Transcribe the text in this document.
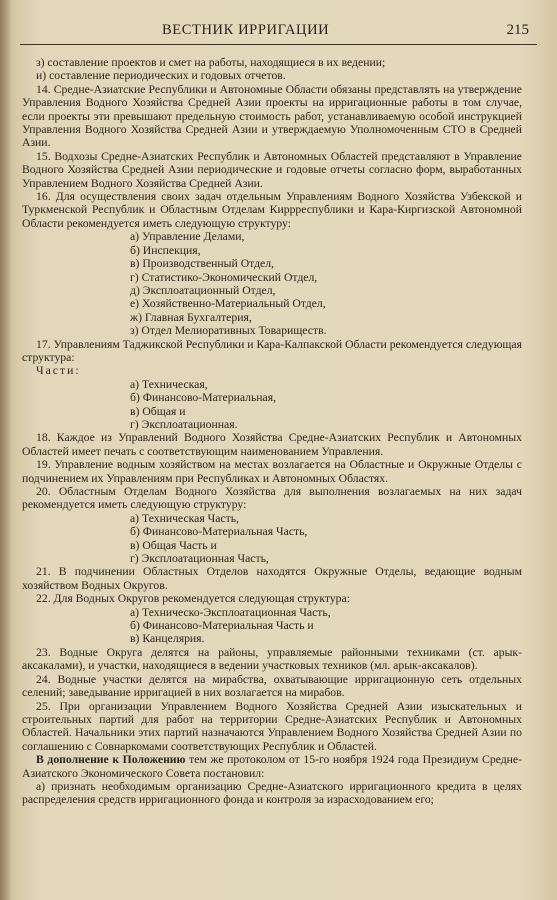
ВЕСТНИК ИРРИГАЦИИ	215

з) составление проектов и смет на работы, находящиеся в их ведении;

и) составление периодических и годовых отчетов.

14. Средне-Азиатские Республики и Автономные Области обязаны представлять на утверждение Управления Водного Хозяйства Средней Азии проекты на ирригационные работы в том случае, если проекты эти превышают предельную стоимость работ, устанавливаемую особой инструкцией Управления Водного Хозяйства Средней Азии и утверждаемую Уполномоченным СТО в Средней Азии.

15. Водхозы Средне-Азиатских Республик и Автономных Областей представляют в Управление Водного Хозяйства Средней Азии периодические и годовые отчеты согласно форм, выработанных Управлением Водного Хозяйства Средней Азии.

16. Для осуществления своих задач отдельным Управлениям Водного Хозяйства Узбекской и Туркменской Республик и Областным Отделам Киррреспублики и Кара-Киргизской Автономной Области рекомендуется иметь следующую структуру:

а) Управление Делами,

б) Инспекция,

в) Производственный Отдел,

г) Статистико-Экономический Отдел,

д) Эксплоатационный Отдел,

е) Хозяйственно-Материальный Отдел,

ж) Главная Бухгалтерия,

з) Отдел Мелиоративных Товариществ.

17. Управлениям Таджикской Республики и Кара-Калпакской Области рекомендуется следующая структура:

Части:

а) Техническая,

б) Финансово-Материальная,

в) Общая и

г) Эксплоатационная.

18. Каждое из Управлений Водного Хозяйства Средне-Азиатских Республик и Автономных Областей имеет печать с соответствующим наименованием Управления.

19. Управление водным хозяйством на местах возлагается на Областные и Окружные Отделы с подчинением их Управлениям при Республиках и Автономных Областях.

20. Областным Отделам Водного Хозяйства для выполнения возлагаемых на них задач рекомендуется иметь следующую структуру:

а) Техническая Часть,

б) Финансово-Материальная Часть,

в) Общая Часть и

г) Эксплоатационная Часть,

21. В подчинении Областных Отделов находятся Окружные Отделы, ведающие водным хозяйством Водных Округов.

22. Для Водных Округов рекомендуется следующая структура:

а) Техническо-Эксплоатационная Часть,

б) Финансово-Материальная Часть и

в) Канцелярия.

23. Водные Округа делятся на районы, управляемые районными техниками (ст. арык-аксакалами), и участки, находящиеся в ведении участковых техников (мл. арык-аксакалов).

24. Водные участки делятся на мирабства, охватывающие ирригационную сеть отдельных селений; заведывание ирригацией в них возлагается на мирабов.

25. При организации Управлением Водного Хозяйства Средней Азии изыскательных и строительных партий для работ на территории Средне-Азиатских Республик и Автономных Областей. Начальники этих партий назначаются Управлением Водного Хозяйства Средней Азии по соглашению с Совнаркомами соответствующих Республик и Областей.

В дополнение к Положению тем же протоколом от 15-го ноября 1924 года Президиум Средне-Азиатского Экономического Совета постановил:

а) признать необходимым организацию Средне-Азиатского ирригационного кредита в целях распределения средств ирригационного фонда и контроля за израсходованием его;
